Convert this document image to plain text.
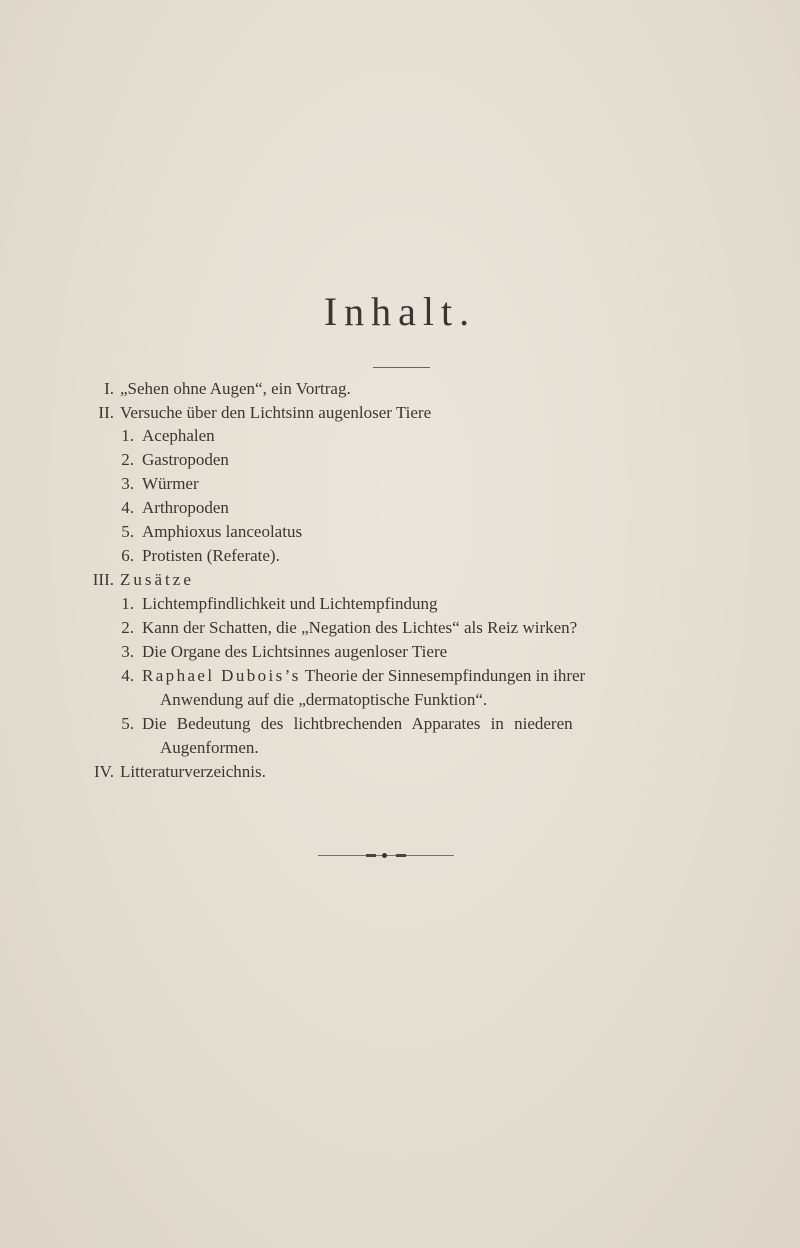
Inhalt.
I. „Sehen ohne Augen“, ein Vortrag.
II. Versuche über den Lichtsinn augenloser Tiere
1. Acephalen
2. Gastropoden
3. Würmer
4. Arthropoden
5. Amphioxus lanceolatus
6. Protisten (Referate).
III. Zusätze
1. Lichtempfindlichkeit und Lichtempfindung
2. Kann der Schatten, die „Negation des Lichtes“ als Reiz wirken?
3. Die Organe des Lichtsinnes augenloser Tiere
4. Raphael Dubois’s Theorie der Sinnesempfindungen in ihrer
Anwendung auf die „dermatoptische Funktion“.
5. Die Bedeutung des lichtbrechenden Apparates in niederen
Augenformen.
IV. Litteraturverzeichnis.
